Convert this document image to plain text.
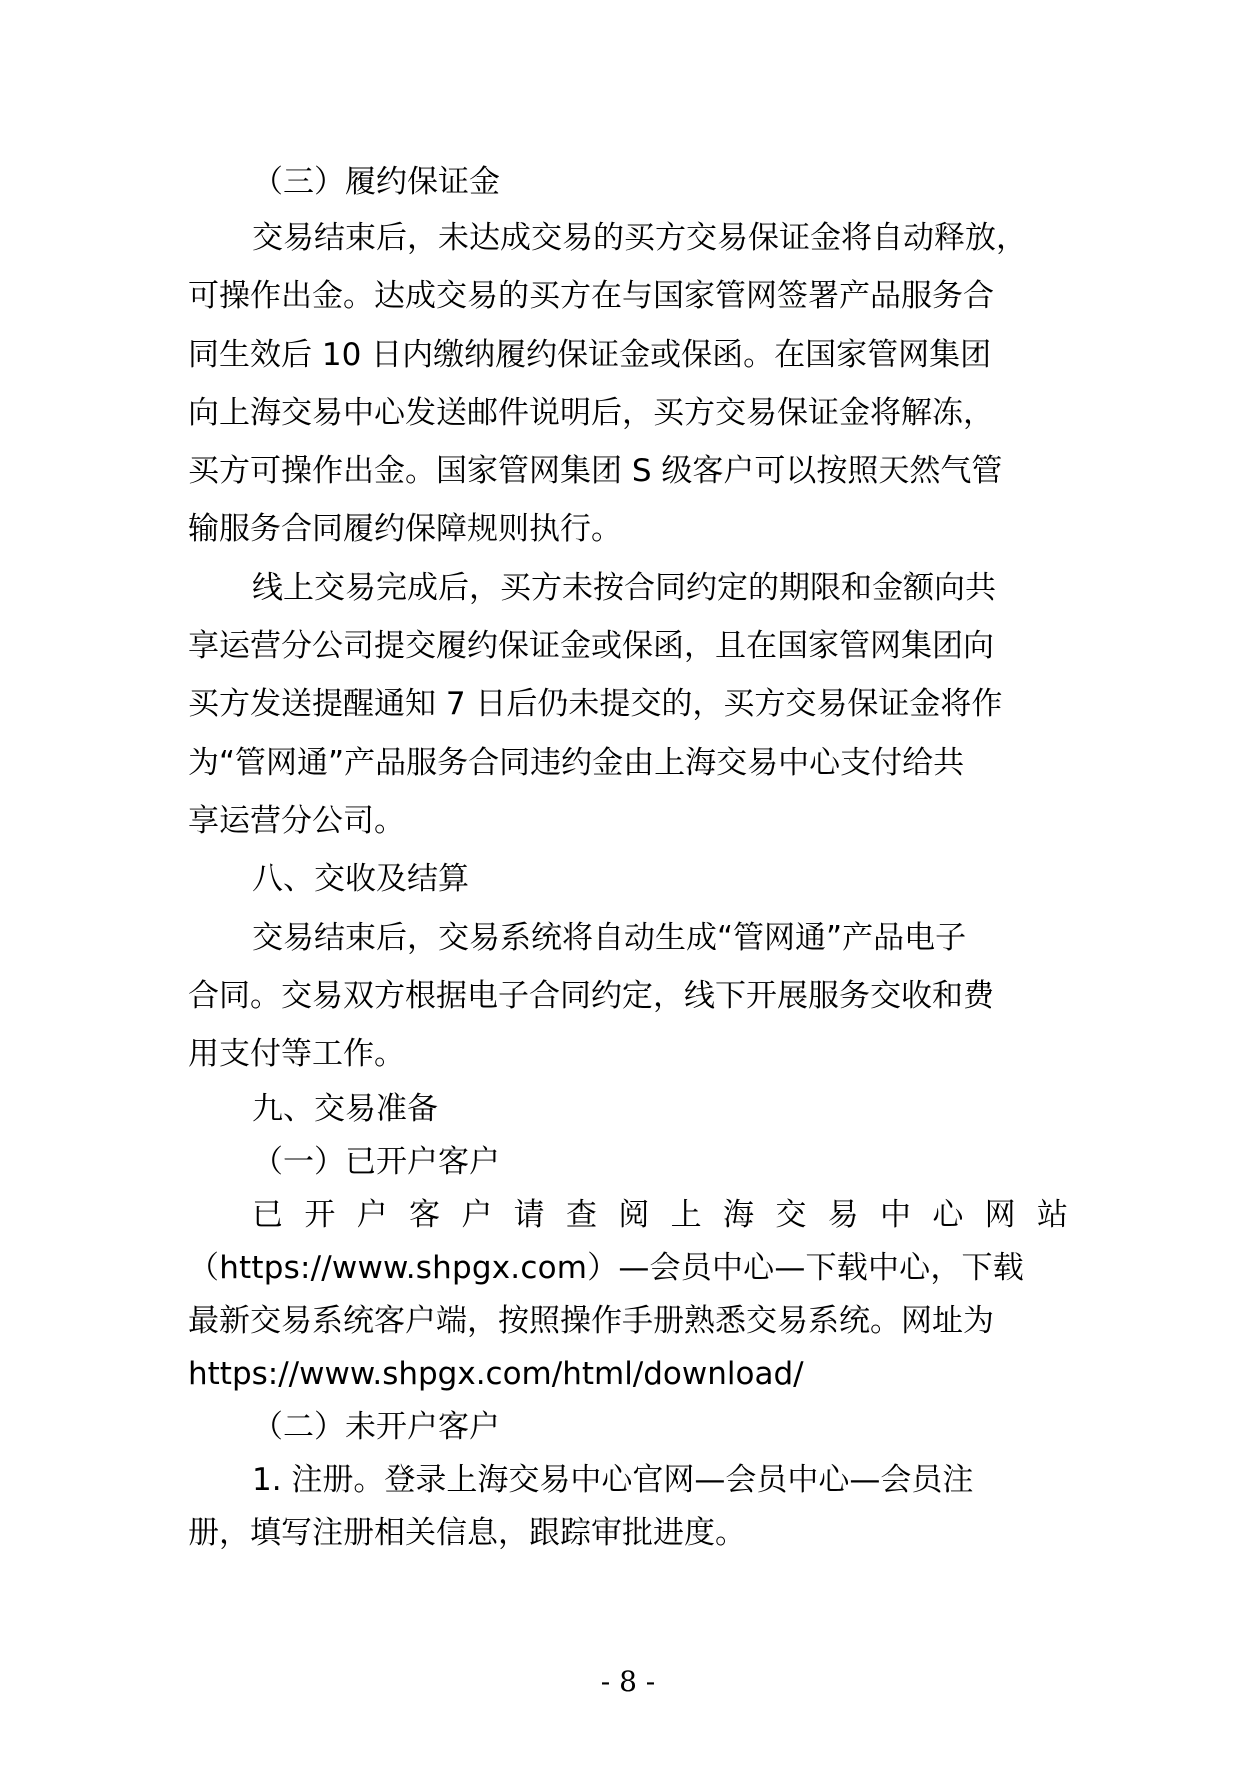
（三）履约保证金

交易结束后，未达成交易的买方交易保证金将自动释放，

可操作出金。达成交易的买方在与国家管网签署产品服务合

同生效后 10 日内缴纳履约保证金或保函。在国家管网集团

向上海交易中心发送邮件说明后，买方交易保证金将解冻，

买方可操作出金。国家管网集团 S 级客户可以按照天然气管

输服务合同履约保障规则执行。

线上交易完成后，买方未按合同约定的期限和金额向共

享运营分公司提交履约保证金或保函，且在国家管网集团向

买方发送提醒通知 7 日后仍未提交的，买方交易保证金将作

为“管网通”产品服务合同违约金由上海交易中心支付给共

享运营分公司。

八、交收及结算

交易结束后，交易系统将自动生成“管网通”产品电子

合同。交易双方根据电子合同约定，线下开展服务交收和费

用支付等工作。

九、交易准备

（一）已开户客户

已开户客户请查阅上海交易中心网站

（https://www.shpgx.com）—会员中心—下载中心，下载

最新交易系统客户端，按照操作手册熟悉交易系统。网址为

https://www.shpgx.com/html/download/

（二）未开户客户

1. 注册。登录上海交易中心官网—会员中心—会员注

册，填写注册相关信息，跟踪审批进度。

- 8 -
